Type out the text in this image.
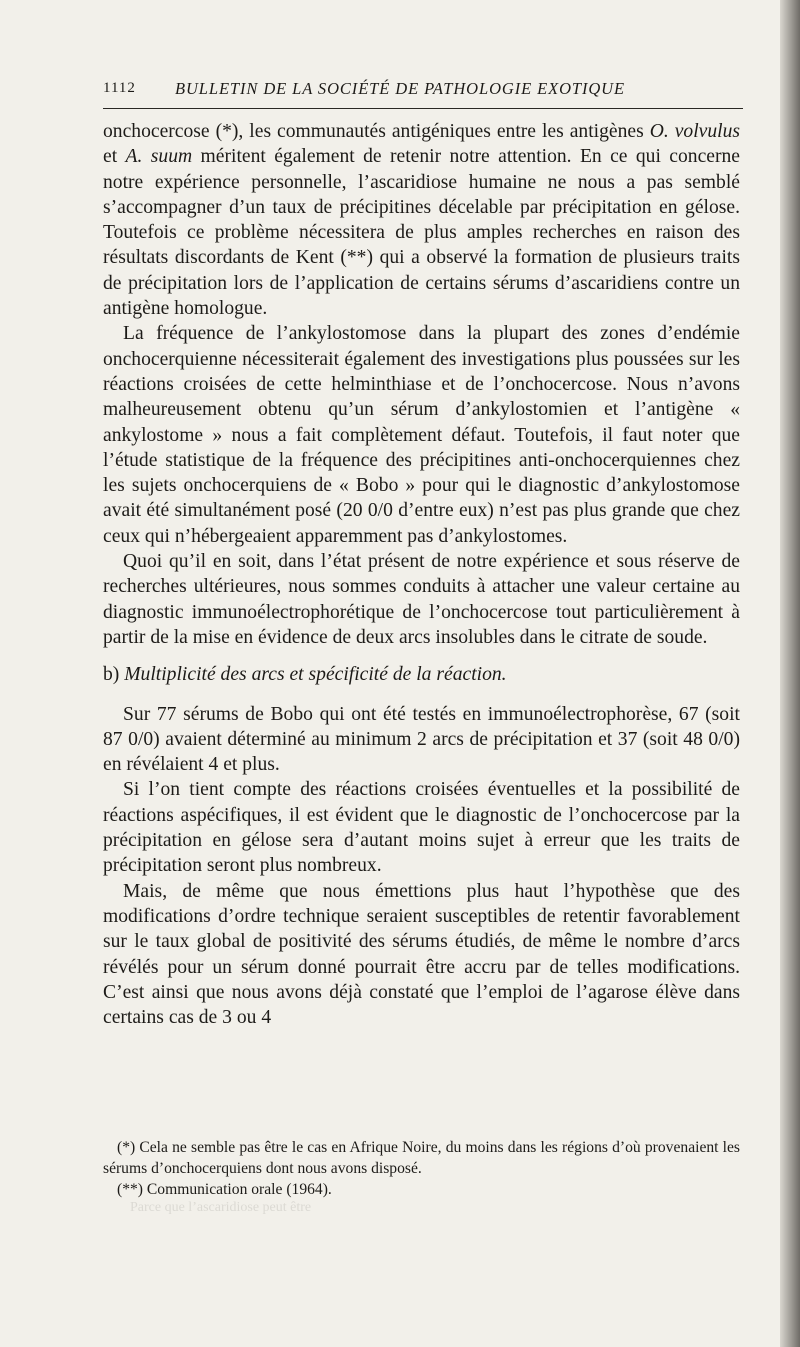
1112 BULLETIN DE LA SOCIÉTÉ DE PATHOLOGIE EXOTIQUE

onchocercose (*), les communautés antigéniques entre les antigènes O. volvulus et A. suum méritent également de retenir notre attention. En ce qui concerne notre expérience personnelle, l’ascaridiose humaine ne nous a pas semblé s’accompagner d’un taux de précipitines décelable par précipitation en gélose. Toutefois ce problème nécessitera de plus amples recherches en raison des résultats discordants de Kent (**) qui a observé la formation de plusieurs traits de précipitation lors de l’application de certains sérums d’ascaridiens contre un antigène homologue.

La fréquence de l’ankylostomose dans la plupart des zones d’endémie onchocerquienne nécessiterait également des investigations plus poussées sur les réactions croisées de cette helminthiase et de l’onchocercose. Nous n’avons malheureusement obtenu qu’un sérum d’ankylostomien et l’antigène « ankylostome » nous a fait complètement défaut. Toutefois, il faut noter que l’étude statistique de la fréquence des précipitines anti-onchocerquiennes chez les sujets onchocerquiens de « Bobo » pour qui le diagnostic d’ankylostomose avait été simultanément posé (20 0/0 d’entre eux) n’est pas plus grande que chez ceux qui n’hébergeaient apparemment pas d’ankylostomes.

Quoi qu’il en soit, dans l’état présent de notre expérience et sous réserve de recherches ultérieures, nous sommes conduits à attacher une valeur certaine au diagnostic immunoélectrophorétique de l’onchocercose tout particulièrement à partir de la mise en évidence de deux arcs insolubles dans le citrate de soude.

b) Multiplicité des arcs et spécificité de la réaction.

Sur 77 sérums de Bobo qui ont été testés en immunoélectrophorèse, 67 (soit 87 0/0) avaient déterminé au minimum 2 arcs de précipitation et 37 (soit 48 0/0) en révélaient 4 et plus.

Si l’on tient compte des réactions croisées éventuelles et la possibilité de réactions aspécifiques, il est évident que le diagnostic de l’onchocercose par la précipitation en gélose sera d’autant moins sujet à erreur que les traits de précipitation seront plus nombreux.

Mais, de même que nous émettions plus haut l’hypothèse que des modifications d’ordre technique seraient susceptibles de retentir favorablement sur le taux global de positivité des sérums étudiés, de même le nombre d’arcs révélés pour un sérum donné pourrait être accru par de telles modifications. C’est ainsi que nous avons déjà constaté que l’emploi de l’agarose élève dans certains cas de 3 ou 4

(*) Cela ne semble pas être le cas en Afrique Noire, du moins dans les régions d’où provenaient les sérums d’onchocerquiens dont nous avons disposé.

(**) Communication orale (1964).

Parce que l’ascaridiose peut être
